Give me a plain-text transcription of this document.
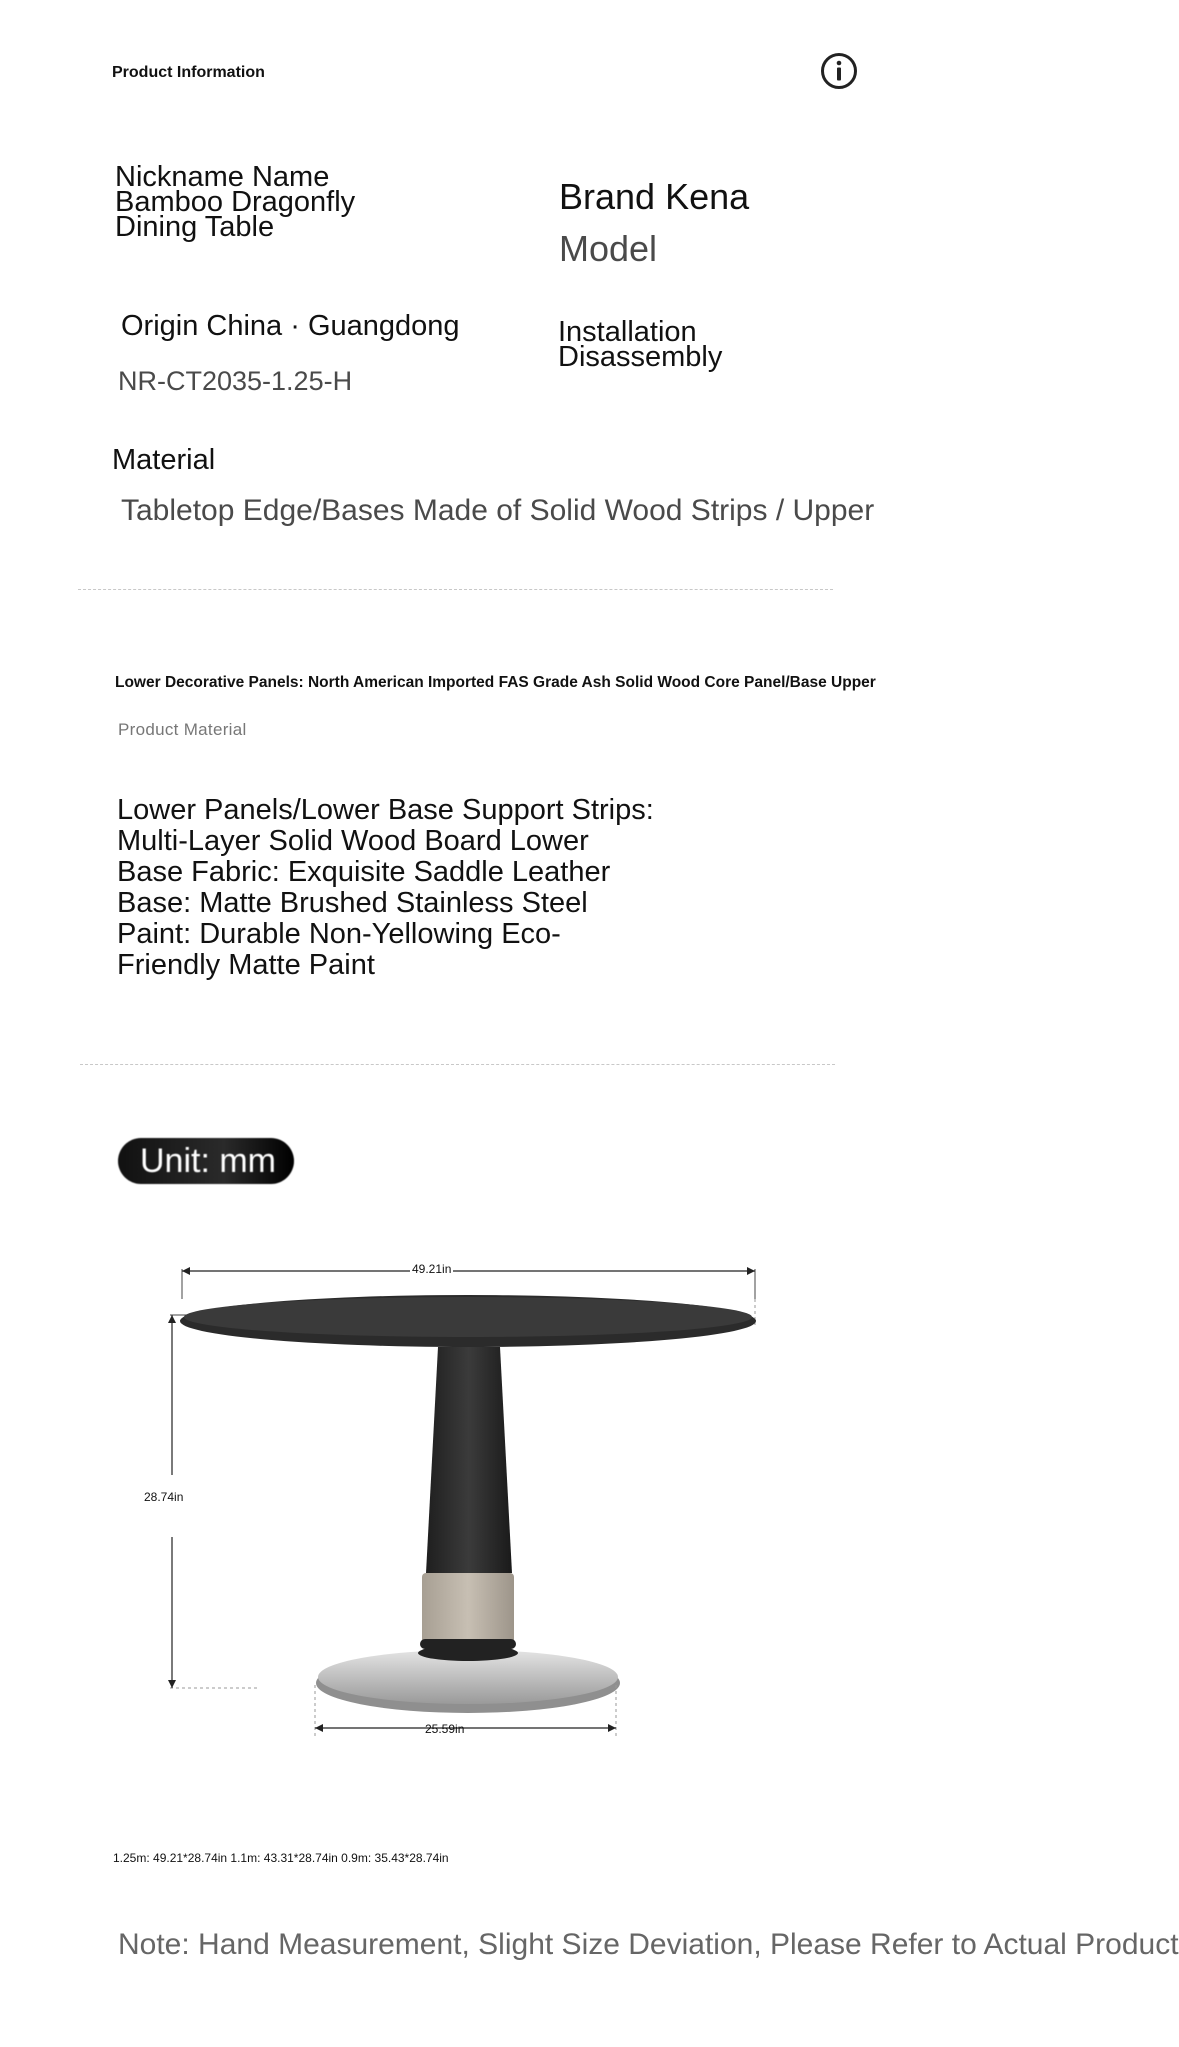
Product Information
Nickname Name Bamboo Dragonfly Dining Table
Brand Kena
Model
Origin China · Guangdong
NR-CT2035-1.25-H
Installation Disassembly
Material
Tabletop Edge/Bases Made of Solid Wood Strips / Upper
Lower Decorative Panels: North American Imported FAS Grade Ash Solid Wood Core Panel/Base Upper
Product Material
Lower Panels/Lower Base Support Strips: Multi-Layer Solid Wood Board Lower Base Fabric: Exquisite Saddle Leather Base: Matte Brushed Stainless Steel Paint: Durable Non-Yellowing Eco-Friendly Matte Paint
Unit: mm
49.21in
28.74in
25.59in
1.25m: 49.21*28.74in 1.1m: 43.31*28.74in 0.9m: 35.43*28.74in
Note: Hand Measurement, Slight Size Deviation, Please Refer to Actual Product
